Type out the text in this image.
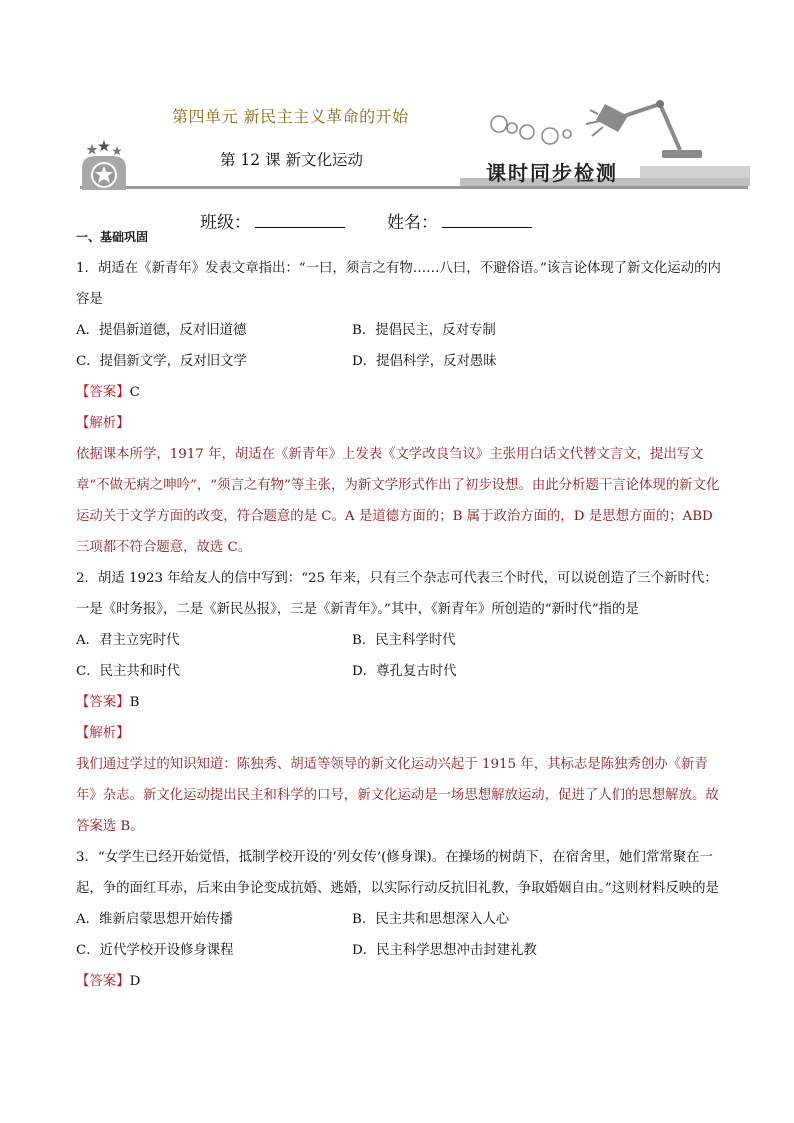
第四单元 新民主主义革命的开始
第 12 课 新文化运动
课时同步检测
班级：	姓名：
一、基础巩固
1．胡适在《新青年》发表文章指出：“一曰，须言之有物……八曰，不避俗语。”该言论体现了新文化运动的内容是
A．提倡新道德，反对旧道德	B．提倡民主，反对专制
C．提倡新文学，反对旧文学	D．提倡科学，反对愚昧
【答案】C
【解析】
依据课本所学，1917 年，胡适在《新青年》上发表《文学改良刍议》主张用白话文代替文言文，提出写文章“不做无病之呻吟”，“须言之有物”等主张，为新文学形式作出了初步设想。由此分析题干言论体现的新文化运动关于文学方面的改变，符合题意的是 C。A 是道德方面的；B 属于政治方面的，D 是思想方面的；ABD 三项都不符合题意，故选 C。
2．胡适 1923 年给友人的信中写到：“25 年来，只有三个杂志可代表三个时代，可以说创造了三个新时代：一是《时务报》，二是《新民丛报》，三是《新青年》。”其中，《新青年》所创造的“新时代”指的是
A．君主立宪时代	B．民主科学时代
C．民主共和时代	D．尊孔复古时代
【答案】B
【解析】
我们通过学过的知识知道：陈独秀、胡适等领导的新文化运动兴起于 1915 年，其标志是陈独秀创办《新青年》杂志。新文化运动提出民主和科学的口号，新文化运动是一场思想解放运动，促进了人们的思想解放。故答案选 B。
3．“女学生已经开始觉悟，抵制学校开设的‘列女传’(修身课)。在操场的树荫下，在宿舍里，她们常常聚在一起，争的面红耳赤，后来由争论变成抗婚、逃婚，以实际行动反抗旧礼教，争取婚姻自由。”这则材料反映的是
A．维新启蒙思想开始传播	B．民主共和思想深入人心
C．近代学校开设修身课程	D．民主科学思想冲击封建礼教
【答案】D
